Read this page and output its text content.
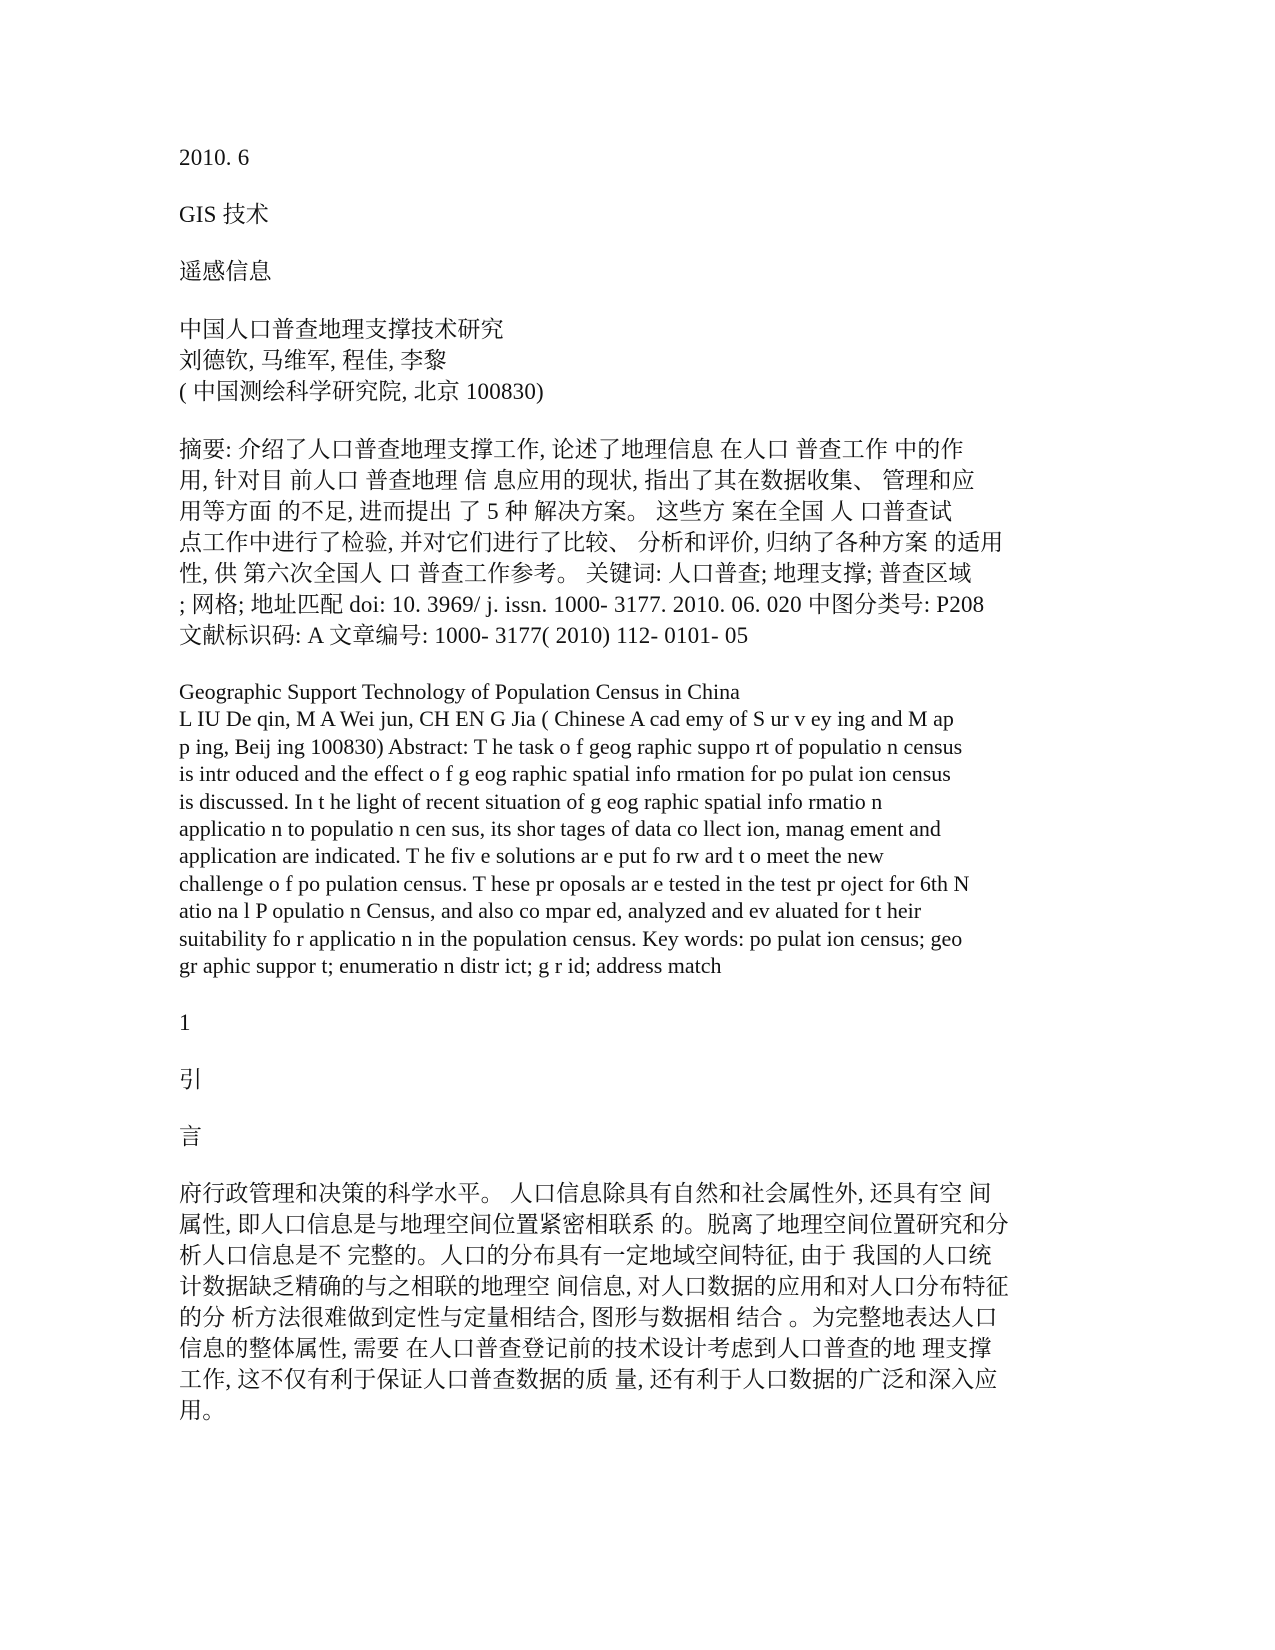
2010. 6

GIS 技术

遥感信息

中国人口普查地理支撑技术研究

刘德钦, 马维军, 程佳, 李黎

( 中国测绘科学研究院, 北京 100830)

摘要: 介绍了人口普查地理支撑工作, 论述了地理信息 在人口 普查工作 中的作

用, 针对目 前人口 普查地理 信 息应用的现状, 指出了其在数据收集、 管理和应

用等方面 的不足, 进而提出 了 5 种 解决方案。 这些方 案在全国 人 口普查试

点工作中进行了检验, 并对它们进行了比较、 分析和评价, 归纳了各种方案 的适用

性, 供 第六次全国人 口 普查工作参考。 关键词: 人口普查; 地理支撑; 普查区域

; 网格; 地址匹配 doi: 10. 3969/ j. issn. 1000- 3177. 2010. 06. 020 中图分类号: P208

文献标识码: A 文章编号: 1000- 3177( 2010) 112- 0101- 05

Geographic Support Technology of Population Census in China

L IU De qin, M A Wei jun, CH EN G Jia ( Chinese A cad emy of S ur v ey ing and M ap

p ing, Beij ing 100830) Abstract: T he task o f geog raphic suppo rt of populatio n census

is intr oduced and the effect o f g eog raphic spatial info rmation for po pulat ion census

is discussed. In t he light of recent situation of g eog raphic spatial info rmatio n

applicatio n to populatio n cen sus, its shor tages of data co llect ion, manag ement and

application are indicated. T he fiv e solutions ar e put fo rw ard t o meet the new

challenge o f po pulation census. T hese pr oposals ar e tested in the test pr oject for 6th N

atio na l P opulatio n Census, and also co mpar ed, analyzed and ev aluated for t heir

suitability fo r applicatio n in the population census. Key words: po pulat ion census; geo

gr aphic suppor t; enumeratio n distr ict; g r id; address match

1

引

言

府行政管理和决策的科学水平。 人口信息除具有自然和社会属性外, 还具有空 间

属性, 即人口信息是与地理空间位置紧密相联系 的。脱离了地理空间位置研究和分

析人口信息是不 完整的。人口的分布具有一定地域空间特征, 由于 我国的人口统

计数据缺乏精确的与之相联的地理空 间信息, 对人口数据的应用和对人口分布特征

的分 析方法很难做到定性与定量相结合, 图形与数据相 结合 。为完整地表达人口

信息的整体属性, 需要 在人口普查登记前的技术设计考虑到人口普查的地 理支撑

工作, 这不仅有利于保证人口普查数据的质 量, 还有利于人口数据的广泛和深入应

用。
